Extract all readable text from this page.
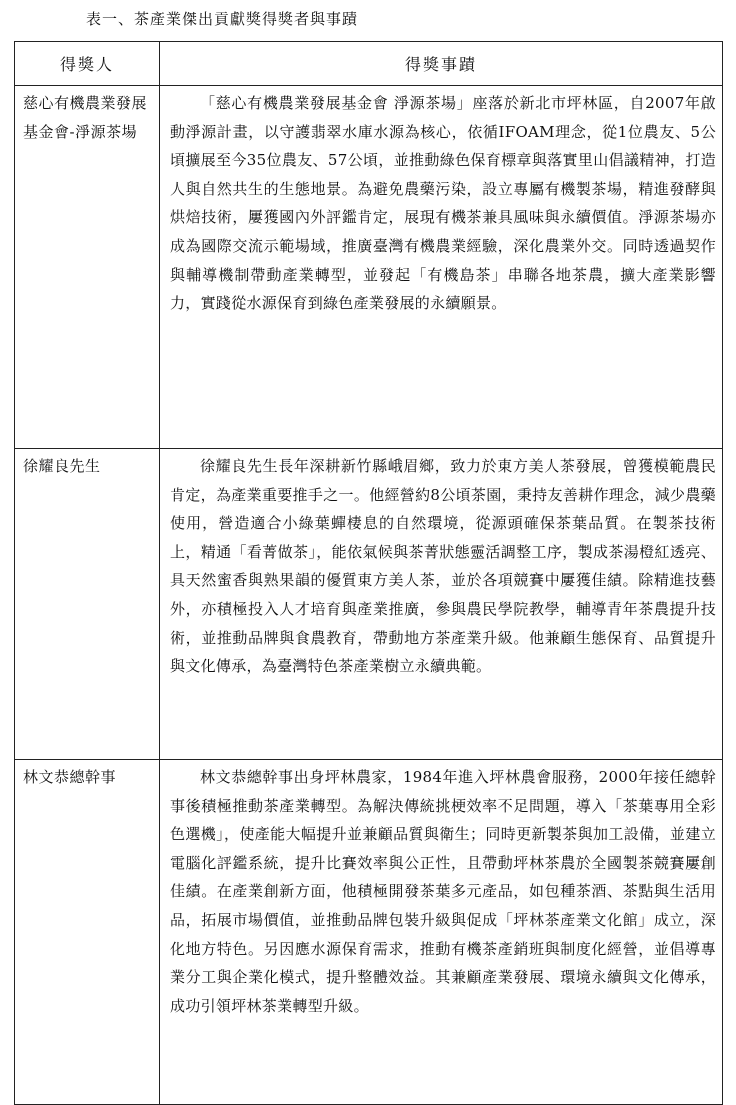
表一、茶產業傑出貢獻獎得獎者與事蹟
得獎人	得獎事蹟

慈心有機農業發展基金會-淨源茶場	「慈心有機農業發展基金會 淨源茶場」座落於新北市坪林區，自2007年啟動淨源計畫，以守護翡翠水庫水源為核心，依循IFOAM理念，從1位農友、5公頃擴展至今35位農友、57公頃，並推動綠色保育標章與落實里山倡議精神，打造人與自然共生的生態地景。為避免農藥污染，設立專屬有機製茶場，精進發酵與烘焙技術，屢獲國內外評鑑肯定，展現有機茶兼具風味與永續價值。淨源茶場亦成為國際交流示範場域，推廣臺灣有機農業經驗，深化農業外交。同時透過契作與輔導機制帶動產業轉型，並發起「有機島茶」串聯各地茶農，擴大產業影響力，實踐從水源保育到綠色產業發展的永續願景。

徐耀良先生	徐耀良先生長年深耕新竹縣峨眉鄉，致力於東方美人茶發展，曾獲模範農民肯定，為產業重要推手之一。他經營約8公頃茶園，秉持友善耕作理念，減少農藥使用，營造適合小綠葉蟬棲息的自然環境，從源頭確保茶葉品質。在製茶技術上，精通「看菁做茶」，能依氣候與茶菁狀態靈活調整工序，製成茶湯橙紅透亮、具天然蜜香與熟果韻的優質東方美人茶，並於各項競賽中屢獲佳績。除精進技藝外，亦積極投入人才培育與產業推廣，參與農民學院教學，輔導青年茶農提升技術，並推動品牌與食農教育，帶動地方茶產業升級。他兼顧生態保育、品質提升與文化傳承，為臺灣特色茶產業樹立永續典範。

林文恭總幹事	林文恭總幹事出身坪林農家，1984年進入坪林農會服務，2000年接任總幹事後積極推動茶產業轉型。為解決傳統挑梗效率不足問題，導入「茶葉專用全彩色選機」，使產能大幅提升並兼顧品質與衛生；同時更新製茶與加工設備，並建立電腦化評鑑系統，提升比賽效率與公正性，且帶動坪林茶農於全國製茶競賽屢創佳績。在產業創新方面，他積極開發茶葉多元產品，如包種茶酒、茶點與生活用品，拓展市場價值，並推動品牌包裝升級與促成「坪林茶產業文化館」成立，深化地方特色。另因應水源保育需求，推動有機茶產銷班與制度化經營，並倡導專業分工與企業化模式，提升整體效益。其兼顧產業發展、環境永續與文化傳承，成功引領坪林茶業轉型升級。
